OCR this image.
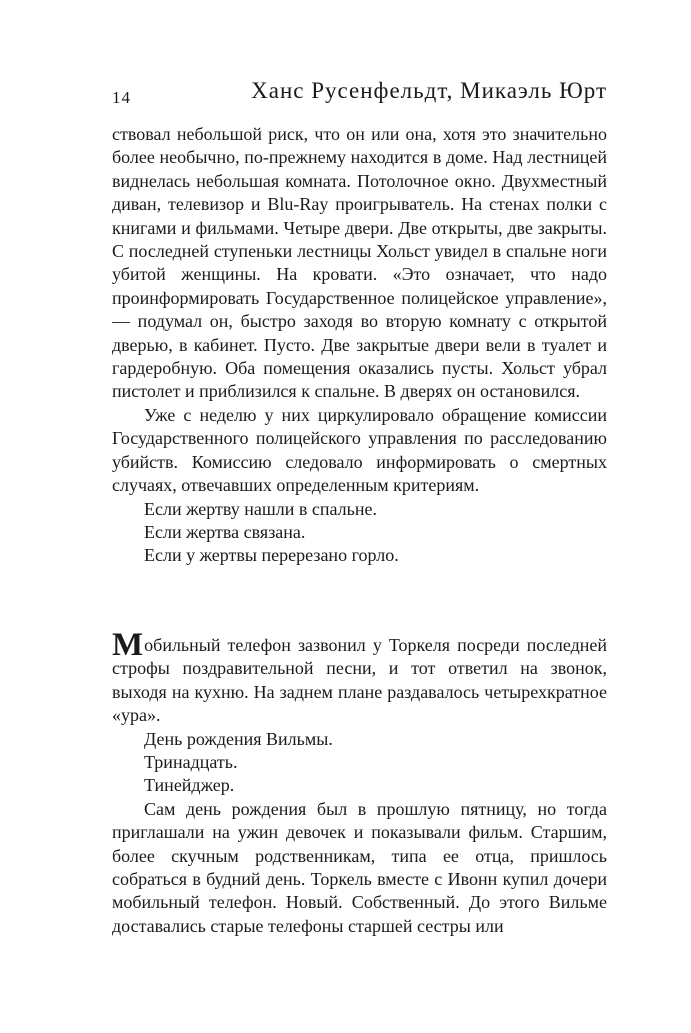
14	Ханс Русенфельдт, Микаэль Юрт

ствовал небольшой риск, что он или она, хотя это значительно более необычно, по-прежнему находится в доме. Над лестницей виднелась небольшая комната. Потолочное окно. Двухместный диван, телевизор и Blu-Ray проигрыватель. На стенах полки с книгами и фильмами. Четыре двери. Две открыты, две закрыты. С последней ступеньки лестницы Хольст увидел в спальне ноги убитой женщины. На кровати. «Это означает, что надо проинформировать Государственное полицейское управление», — подумал он, быстро заходя во вторую комнату с открытой дверью, в кабинет. Пусто. Две закрытые двери вели в туалет и гардеробную. Оба помещения оказались пусты. Хольст убрал пистолет и приблизился к спальне. В дверях он остановился.

Уже с неделю у них циркулировало обращение комиссии Государственного полицейского управления по расследованию убийств. Комиссию следовало информировать о смертных случаях, отвечавших определенным критериям.

Если жертву нашли в спальне.

Если жертва связана.

Если у жертвы перерезано горло.

Мобильный телефон зазвонил у Торкеля посреди последней строфы поздравительной песни, и тот ответил на звонок, выходя на кухню. На заднем плане раздавалось четырехкратное «ура».

День рождения Вильмы.

Тринадцать.

Тинейджер.

Сам день рождения был в прошлую пятницу, но тогда приглашали на ужин девочек и показывали фильм. Старшим, более скучным родственникам, типа ее отца, пришлось собраться в будний день. Торкель вместе с Ивонн купил дочери мобильный телефон. Новый. Собственный. До этого Вильме доставались старые телефоны старшей сестры или
